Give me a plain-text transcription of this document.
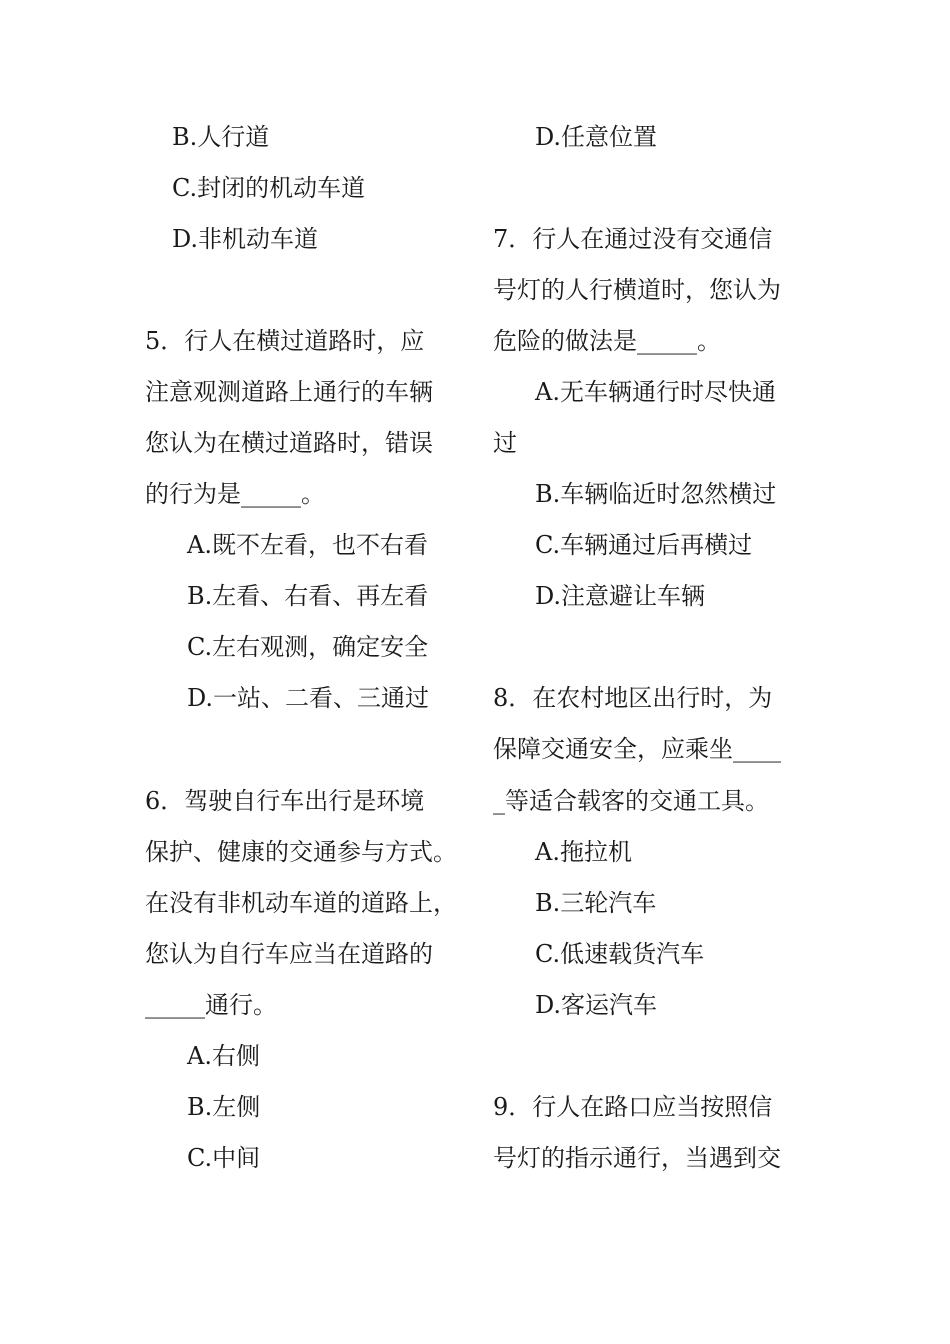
B.人行道
C.封闭的机动车道
D.非机动车道
5．行人在横过道路时，应
注意观测道路上通行的车辆
您认为在横过道路时，错误
的行为是_____。
A.既不左看，也不右看
B.左看、右看、再左看
C.左右观测，确定安全
D.一站、二看、三通过
6．驾驶自行车出行是环境
保护、健康的交通参与方式。
在没有非机动车道的道路上，
您认为自行车应当在道路的
_____通行。
A.右侧
B.左侧
C.中间
D.任意位置
7．行人在通过没有交通信
号灯的人行横道时，您认为
危险的做法是_____。
A.无车辆通行时尽快通
过
B.车辆临近时忽然横过
C.车辆通过后再横过
D.注意避让车辆
8．在农村地区出行时，为
保障交通安全，应乘坐____
_等适合载客的交通工具。
A.拖拉机
B.三轮汽车
C.低速载货汽车
D.客运汽车
9．行人在路口应当按照信
号灯的指示通行，当遇到交
